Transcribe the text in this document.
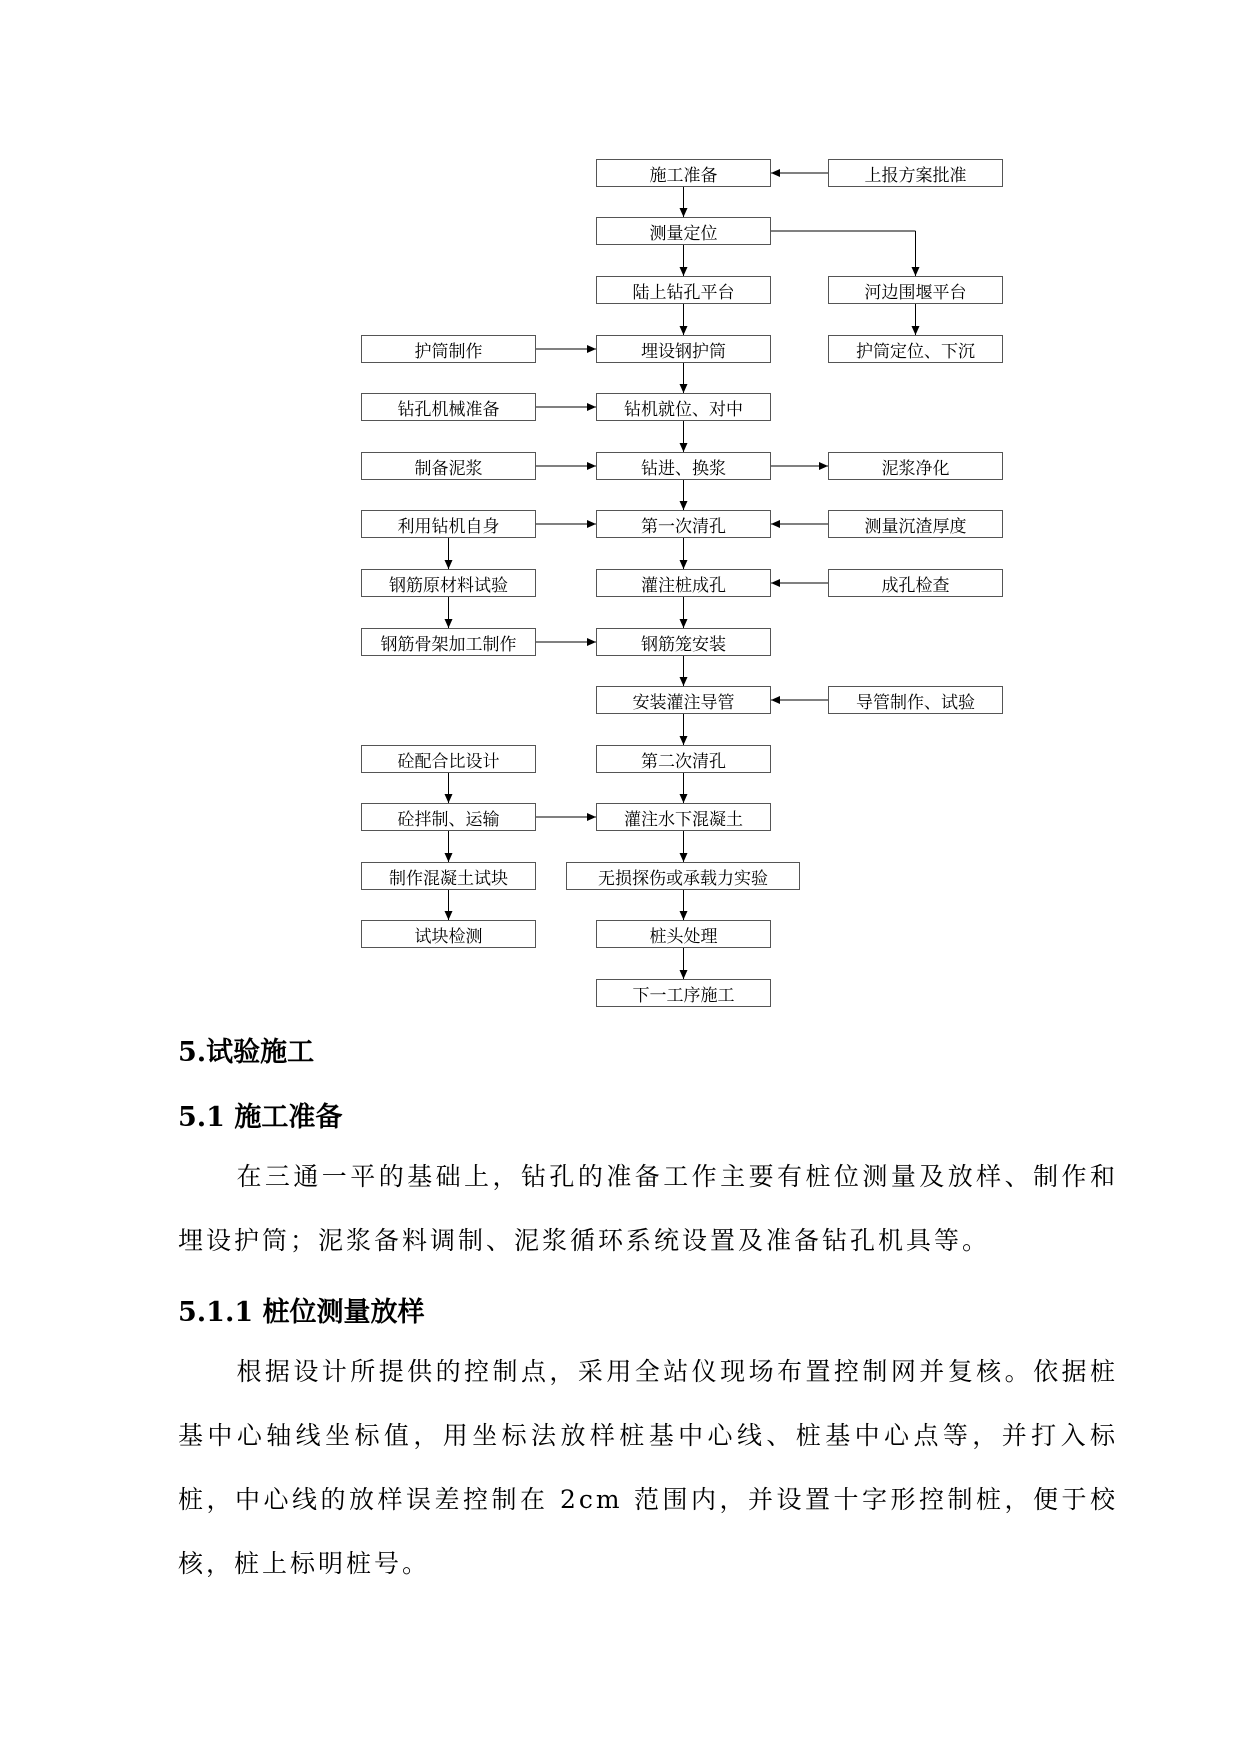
施工准备
测量定位
陆上钻孔平台
埋设钢护筒
钻机就位、对中
钻进、换浆
第一次清孔
灌注桩成孔
钢筋笼安装
安装灌注导管
第二次清孔
灌注水下混凝土
无损探伤或承载力实验
桩头处理
下一工序施工
护筒制作
钻孔机械准备
制备泥浆
利用钻机自身
钢筋原材料试验
钢筋骨架加工制作
砼配合比设计
砼拌制、运输
制作混凝土试块
试块检测
上报方案批准
河边围堰平台
护筒定位、下沉
泥浆净化
测量沉渣厚度
成孔检查
导管制作、试验
5.试验施工
5.1 施工准备
在三通一平的基础上，钻孔的准备工作主要有桩位测量及放样、制作和埋设护筒；泥浆备料调制、泥浆循环系统设置及准备钻孔机具等。
5.1.1 桩位测量放样
根据设计所提供的控制点，采用全站仪现场布置控制网并复核。依据桩基中心轴线坐标值，用坐标法放样桩基中心线、桩基中心点等，并打入标桩，中心线的放样误差控制在 2cm 范围内，并设置十字形控制桩，便于校核，桩上标明桩号。
